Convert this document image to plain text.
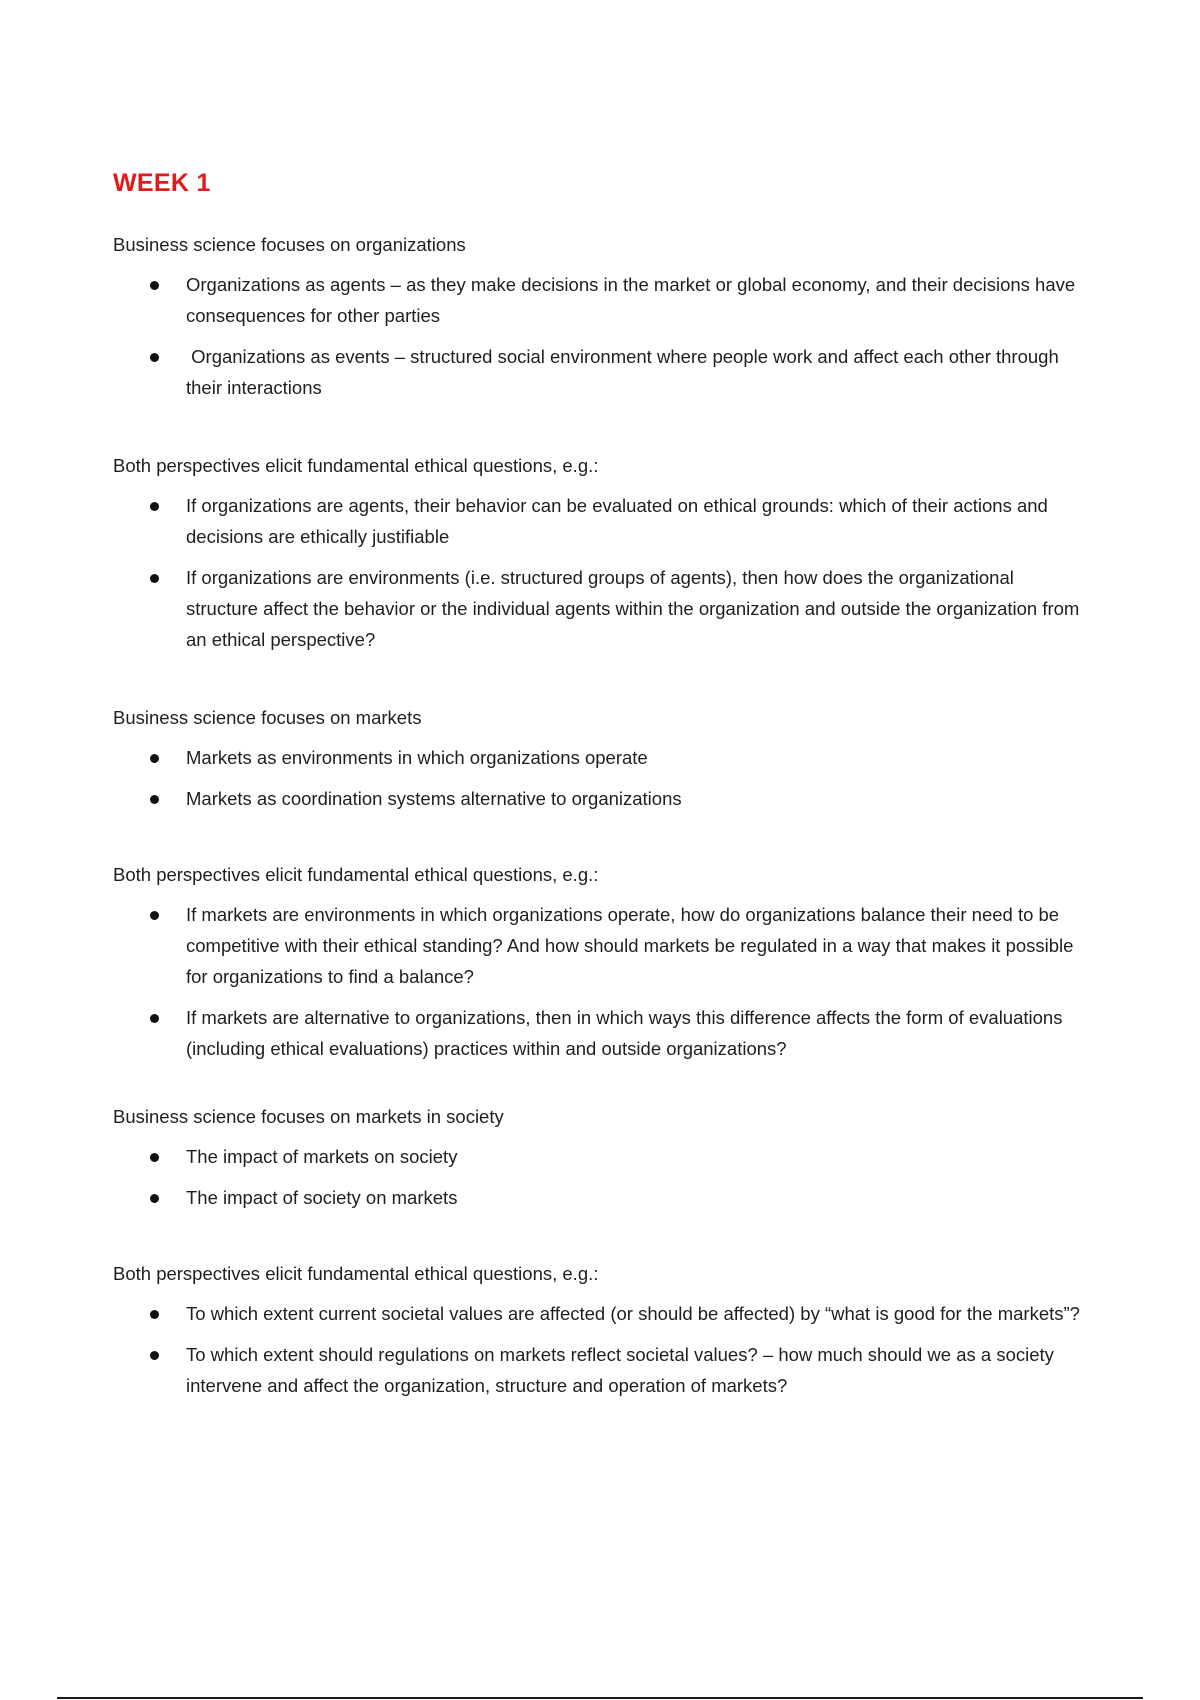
WEEK 1

Business science focuses on organizations

Organizations as agents – as they make decisions in the market or global economy, and their decisions have consequences for other parties
Organizations as events – structured social environment where people work and affect each other through their interactions

Both perspectives elicit fundamental ethical questions, e.g.:

If organizations are agents, their behavior can be evaluated on ethical grounds: which of their actions and decisions are ethically justifiable
If organizations are environments (i.e. structured groups of agents), then how does the organizational structure affect the behavior or the individual agents within the organization and outside the organization from an ethical perspective?

Business science focuses on markets

Markets as environments in which organizations operate
Markets as coordination systems alternative to organizations

Both perspectives elicit fundamental ethical questions, e.g.:

If markets are environments in which organizations operate, how do organizations balance their need to be competitive with their ethical standing? And how should markets be regulated in a way that makes it possible for organizations to find a balance?
If markets are alternative to organizations, then in which ways this difference affects the form of evaluations (including ethical evaluations) practices within and outside organizations?

Business science focuses on markets in society

The impact of markets on society
The impact of society on markets

Both perspectives elicit fundamental ethical questions, e.g.:

To which extent current societal values are affected (or should be affected) by “what is good for the markets”?
To which extent should regulations on markets reflect societal values? – how much should we as a society intervene and affect the organization, structure and operation of markets?
